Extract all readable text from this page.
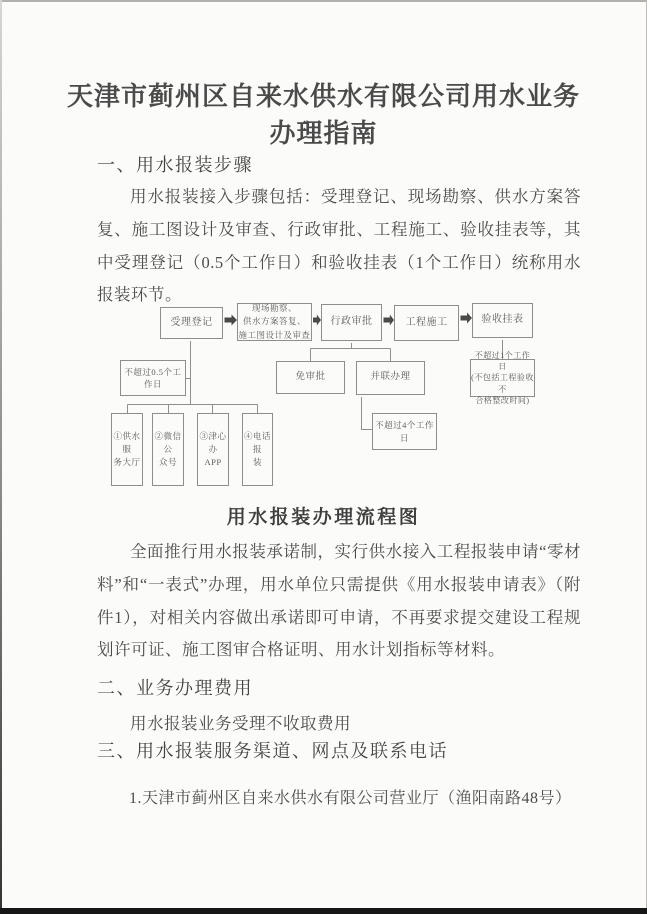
天津市蓟州区自来水供水有限公司用水业务
办理指南
一、用水报装步骤
用水报装接入步骤包括：受理登记、现场勘察、供水方案答复、施工图设计及审查、行政审批、工程施工、验收挂表等，其中受理登记（0.5个工作日）和验收挂表（1个工作日）统称用水报装环节。
受理登记
现场勘察、
供水方案答复、
施工图设计及审查
行政审批	工程施工	验收挂表
不超过0.5个工作日
免审批	并联办理
不超过1个工作日
(不包括工程验收不
合格整改时间)
不超过4个工作日
①供水服
务大厅
②微信公
众号
③津心办
APP
④电话报
装
用水报装办理流程图
全面推行用水报装承诺制，实行供水接入工程报装申请“零材料”和“一表式”办理，用水单位只需提供《用水报装申请表》（附件1），对相关内容做出承诺即可申请，不再要求提交建设工程规划许可证、施工图审合格证明、用水计划指标等材料。
二、业务办理费用
用水报装业务受理不收取费用
三、用水报装服务渠道、网点及联系电话
1.天津市蓟州区自来水供水有限公司营业厅（渔阳南路48号）
